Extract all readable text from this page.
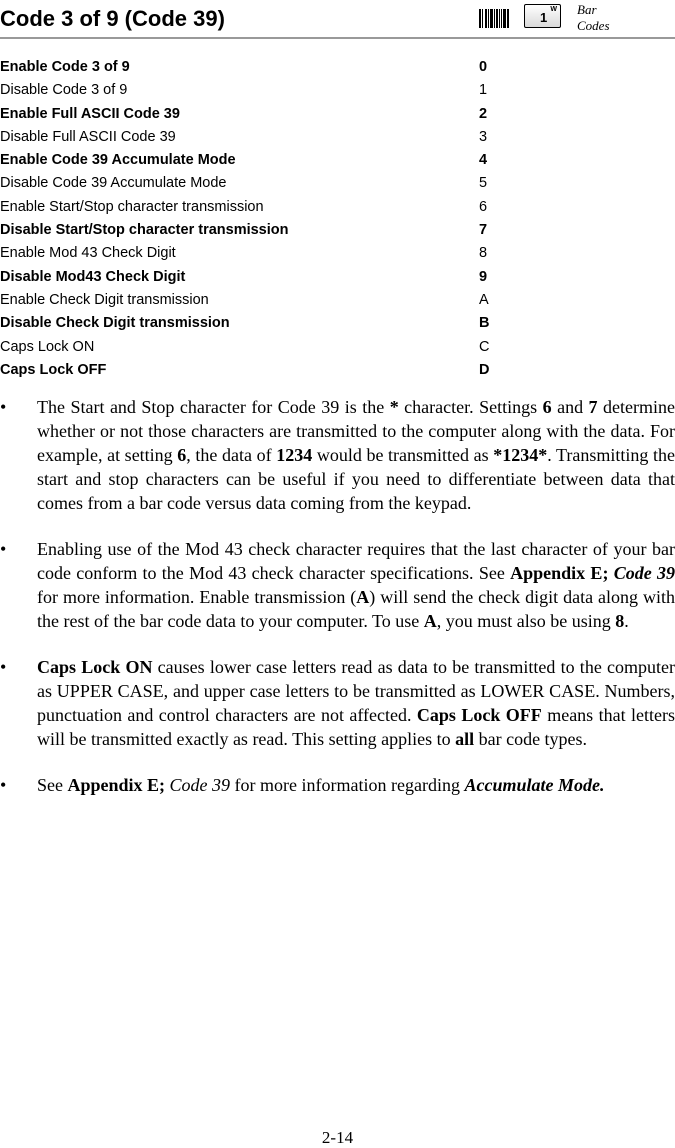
Code 3 of 9 (Code 39)	W
1
Bar
Codes
Enable Code 3 of 9	0
Disable Code 3 of 9	1
Enable Full ASCII Code 39	2
Disable Full ASCII Code 39	3
Enable Code 39 Accumulate Mode	4
Disable Code 39 Accumulate Mode	5
Enable Start/Stop character transmission	6
Disable Start/Stop character transmission	7
Enable Mod 43 Check Digit	8
Disable Mod43 Check Digit	9
Enable Check Digit transmission	A
Disable Check Digit transmission	B
Caps Lock ON	C
Caps Lock OFF	D
• The Start and Stop character for Code 39 is the * character. Settings 6 and 7 determine whether or not those characters are transmitted to the computer along with the data. For example, at setting 6, the data of 1234 would be transmitted as *1234*. Transmitting the start and stop characters can be useful if you need to differentiate between data that comes from a bar code versus data coming from the keypad.
• Enabling use of the Mod 43 check character requires that the last character of your bar code conform to the Mod 43 check character specifications. See Appendix E; Code 39 for more information. Enable transmission (A) will send the check digit data along with the rest of the bar code data to your computer. To use A, you must also be using 8.
• Caps Lock ON causes lower case letters read as data to be transmitted to the computer as UPPER CASE, and upper case letters to be transmitted as LOWER CASE. Numbers, punctuation and control characters are not affected. Caps Lock OFF means that letters will be transmitted exactly as read. This setting applies to all bar code types.
• See Appendix E; Code 39 for more information regarding Accumulate Mode.
2-14
